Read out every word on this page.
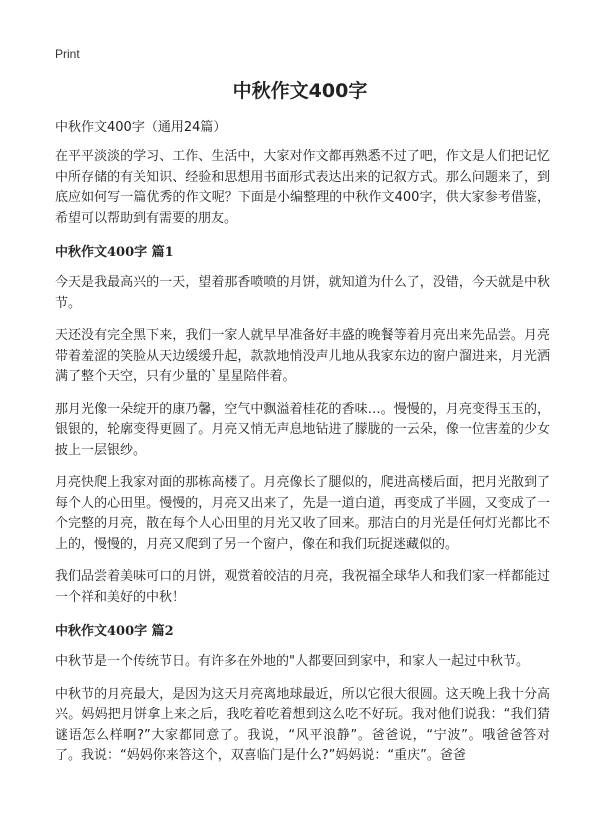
Print
中秋作文400字

中秋作文400字（通用24篇）

在平平淡淡的学习、工作、生活中，大家对作文都再熟悉不过了吧，作文是人们把记忆中所存储的有关知识、经验和思想用书面形式表达出来的记叙方式。那么问题来了，到底应如何写一篇优秀的作文呢？下面是小编整理的中秋作文400字，供大家参考借鉴，希望可以帮助到有需要的朋友。

中秋作文400字 篇1

今天是我最高兴的一天，望着那香喷喷的月饼，就知道为什么了，没错，今天就是中秋节。

天还没有完全黑下来，我们一家人就早早准备好丰盛的晚餐等着月亮出来先品尝。月亮带着羞涩的笑脸从天边缓缓升起，款款地悄没声儿地从我家东边的窗户溜进来，月光洒满了整个天空，只有少量的`星星陪伴着。

那月光像一朵绽开的康乃馨，空气中飘溢着桂花的香味…。慢慢的，月亮变得玉玉的，银银的，轮廓变得更圆了。月亮又悄无声息地钻进了朦胧的一云朵，像一位害羞的少女披上一层银纱。

月亮快爬上我家对面的那栋高楼了。月亮像长了腿似的，爬进高楼后面，把月光散到了每个人的心田里。慢慢的，月亮又出来了，先是一道白道，再变成了半圆，又变成了一个完整的月亮，散在每个人心田里的月光又收了回来。那洁白的月光是任何灯光都比不上的，慢慢的，月亮又爬到了另一个窗户，像在和我们玩捉迷藏似的。

我们品尝着美味可口的月饼，观赏着皎洁的月亮，我祝福全球华人和我们家一样都能过一个祥和美好的中秋！

中秋作文400字 篇2

中秋节是一个传统节日。有许多在外地的"人都要回到家中，和家人一起过中秋节。

中秋节的月亮最大，是因为这天月亮离地球最近，所以它很大很圆。这天晚上我十分高兴。妈妈把月饼拿上来之后，我吃着吃着想到这么吃不好玩。我对他们说我：“我们猜谜语怎么样啊?”大家都同意了。我说，“风平浪静”。爸爸说，“宁波”。哦爸爸答对了。我说：“妈妈你来答这个，双喜临门是什么?”妈妈说：“重庆”。爸爸
